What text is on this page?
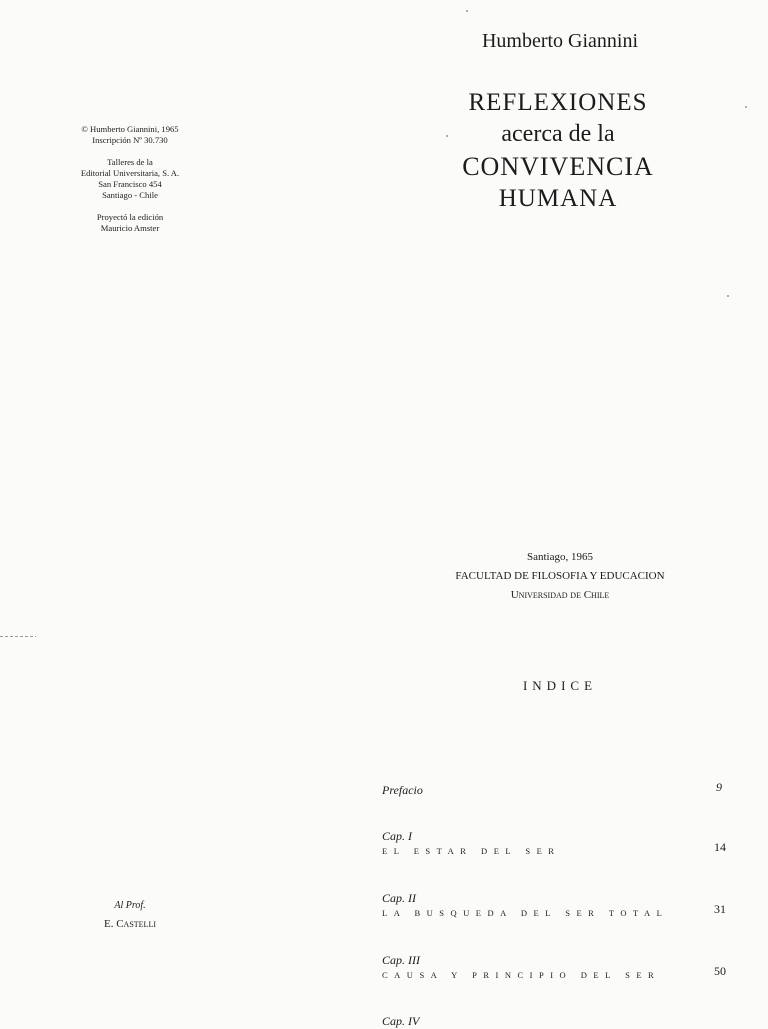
© Humberto Giannini, 1965
Inscripción Nº 30.730
Talleres de la
Editorial Universitaria, S. A.
San Francisco 454
Santiago - Chile
Proyectó la edición
Mauricio Amster
Humberto Giannini
REFLEXIONES
acerca de la
CONVIVENCIA
HUMANA
Santiago, 1965
FACULTAD DE FILOSOFIA Y EDUCACION
Universidad de Chile
INDICE
Al Prof.
E. Castelli
Prefacio	9
Cap. I
EL ESTAR DEL SER	14
Cap. II
LA BUSQUEDA DEL SER TOTAL	31
Cap. III
CAUSA Y PRINCIPIO DEL SER	50
Cap. IV
